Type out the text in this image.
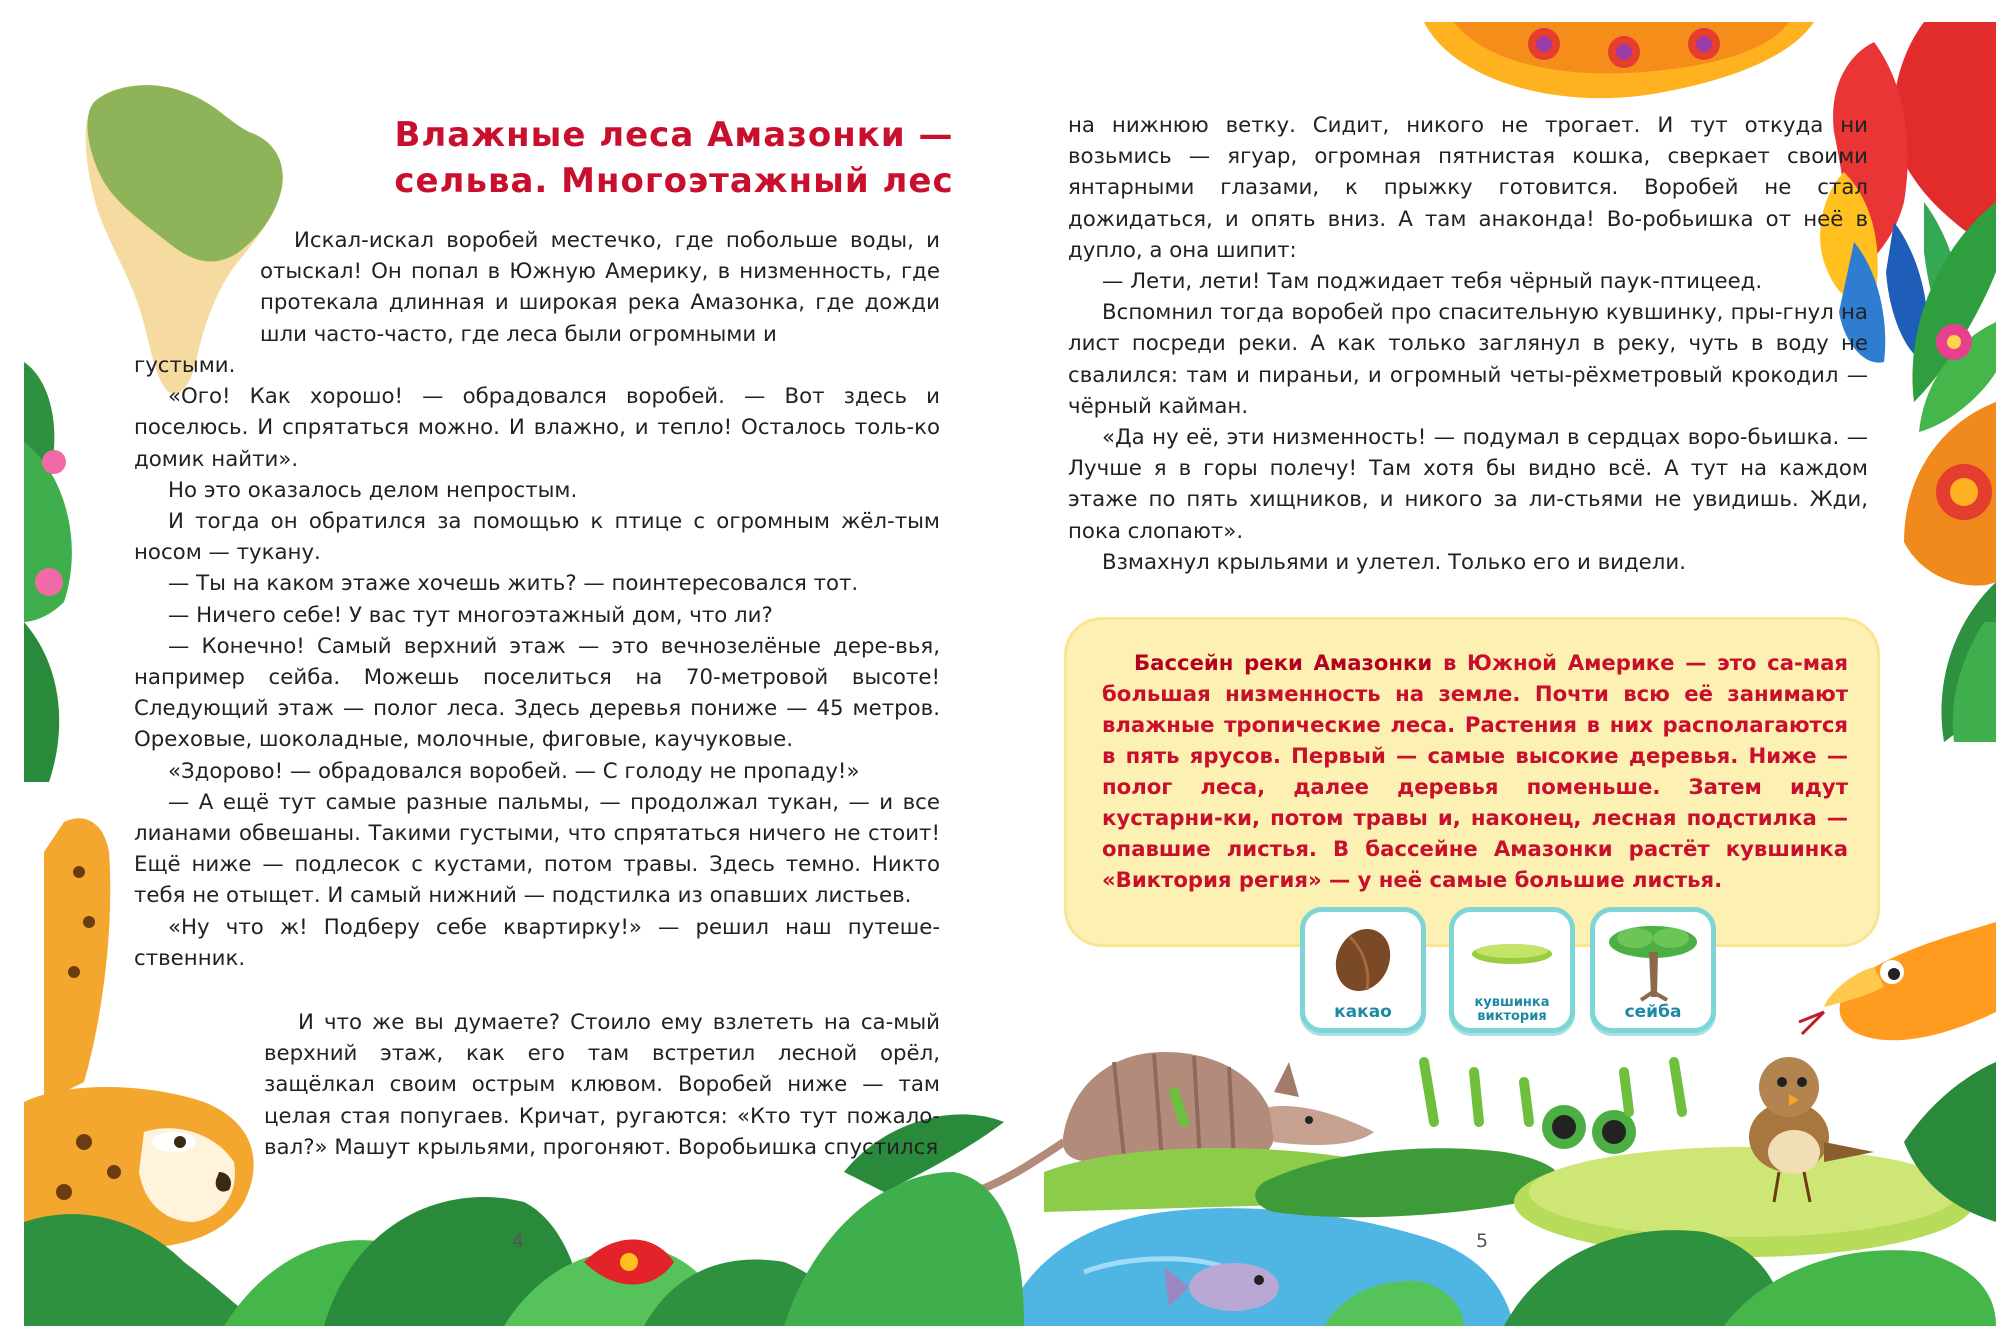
Влажные леса Амазонки —
сельва. Многоэтажный лес

Искал-искал воробей местечко, где побольше воды, и отыскал! Он попал в Южную Америку, в низменность, где протекала длинная и широкая река Амазонка, где дожди шли часто-часто, где леса были огромными и

густыми.

«Ого! Как хорошо! — обрадовался воробей. — Вот здесь и поселюсь. И спрятаться можно. И влажно, и тепло! Осталось толь-ко домик найти».

Но это оказалось делом непростым.

И тогда он обратился за помощью к птице с огромным жёл-тым носом — тукану.

— Ты на каком этаже хочешь жить? — поинтересовался тот.

— Ничего себе! У вас тут многоэтажный дом, что ли?

— Конечно! Самый верхний этаж — это вечнозелёные дере-вья, например сейба. Можешь поселиться на 70-метровой высоте! Следующий этаж — полог леса. Здесь деревья пониже — 45 метров. Ореховые, шоколадные, молочные, фиговые, каучуковые.

«Здорово! — обрадовался воробей. — С голоду не пропаду!»

— А ещё тут самые разные пальмы, — продолжал тукан, — и все лианами обвешаны. Такими густыми, что спрятаться ничего не стоит! Ещё ниже — подлесок с кустами, потом травы. Здесь темно. Никто тебя не отыщет. И самый нижний — подстилка из опавших листьев.

«Ну что ж! Подберу себе квартирку!» — решил наш путеше-ственник.

И что же вы думаете? Стоило ему взлететь на са-мый верхний этаж, как его там встретил лесной орёл, защёлкал своим острым клювом. Воробей ниже — там целая стая попугаев. Кричат, ругаются: «Кто тут пожало-вал?» Машут крыльями, прогоняют. Воробьишка спустился

4

на нижнюю ветку. Сидит, никого не трогает. И тут откуда ни возьмись — ягуар, огромная пятнистая кошка, сверкает своими янтарными глазами, к прыжку готовится. Воробей не стал дожидаться, и опять вниз. А там анаконда! Во-робьишка от неё в дупло, а она шипит:

— Лети, лети! Там поджидает тебя чёрный паук-птицеед.

Вспомнил тогда воробей про спасительную кувшинку, пры-гнул на лист посреди реки. А как только заглянул в реку, чуть в воду не свалился: там и пираньи, и огромный четы-рёхметровый крокодил — чёрный кайман.

«Да ну её, эти низменность! — подумал в сердцах воро-бьишка. — Лучше я в горы полечу! Там хотя бы видно всё. А тут на каждом этаже по пять хищников, и никого за ли-стьями не увидишь. Жди, пока слопают».

Взмахнул крыльями и улетел. Только его и видели.

Бассейн реки Амазонки в Южной Америке — это са-мая большая низменность на земле. Почти всю её занимают влажные тропические леса. Растения в них располагаются в пять ярусов. Первый — самые высокие деревья. Ниже — полог леса, далее деревья поменьше. Затем идут кустарни-ки, потом травы и, наконец, лесная подстилка — опавшие листья. В бассейне Амазонки растёт кувшинка «Виктория регия» — у неё самые большие листья.

какао	кувшинка виктория	сейба
5
